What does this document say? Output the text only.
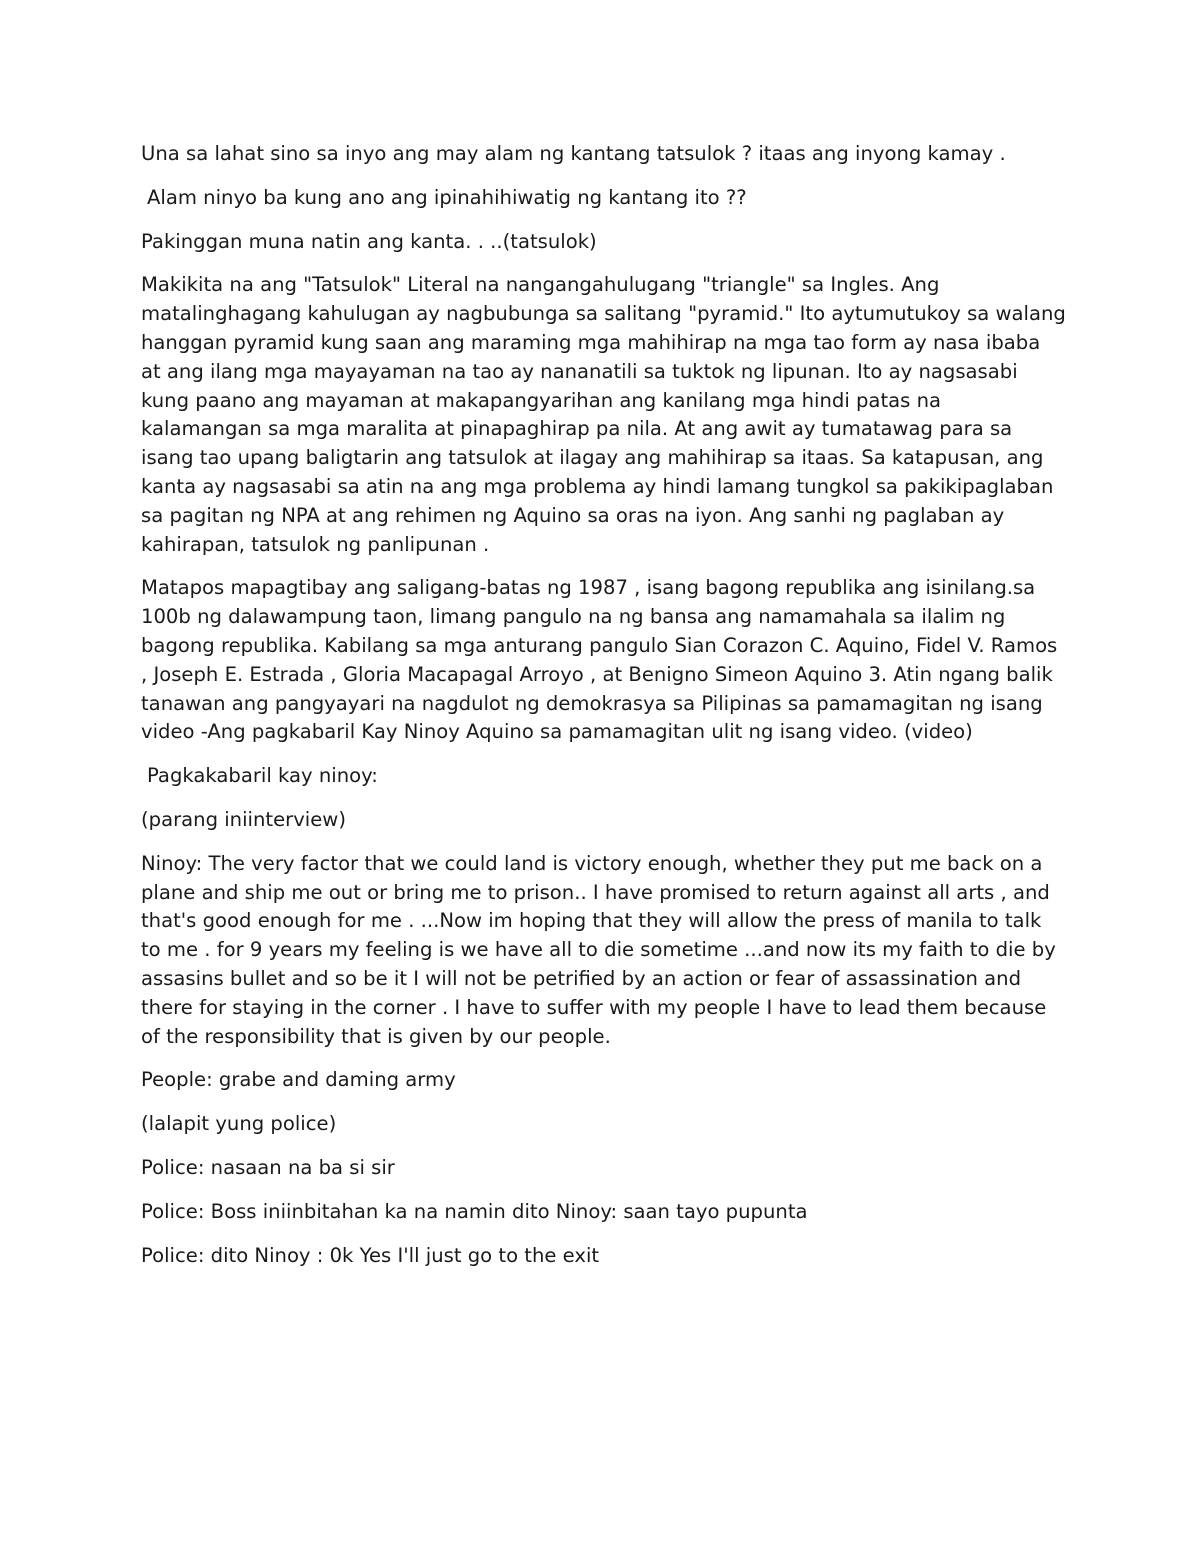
Una sa lahat sino sa inyo ang may alam ng kantang tatsulok ? itaas ang inyong kamay .

Alam ninyo ba kung ano ang ipinahihiwatig ng kantang ito ??

Pakinggan muna natin ang kanta. . ..(tatsulok)

Makikita na ang "Tatsulok" Literal na nangangahulugang "triangle" sa Ingles. Ang matalinghagang kahulugan ay nagbubunga sa salitang "pyramid." Ito aytumutukoy sa walang hanggan pyramid kung saan ang maraming mga mahihirap na mga tao form ay nasa ibaba at ang ilang mga mayayaman na tao ay nananatili sa tuktok ng lipunan. Ito ay nagsasabi kung paano ang mayaman at makapangyarihan ang kanilang mga hindi patas na kalamangan sa mga maralita at pinapaghirap pa nila. At ang awit ay tumatawag para sa isang tao upang baligtarin ang tatsulok at ilagay ang mahihirap sa itaas. Sa katapusan, ang kanta ay nagsasabi sa atin na ang mga problema ay hindi lamang tungkol sa pakikipaglaban sa pagitan ng NPA at ang rehimen ng Aquino sa oras na iyon. Ang sanhi ng paglaban ay kahirapan, tatsulok ng panlipunan .

Matapos mapagtibay ang saligang-batas ng 1987 , isang bagong republika ang isinilang.sa 100b ng dalawampung taon, limang pangulo na ng bansa ang namamahala sa ilalim ng bagong republika. Kabilang sa mga anturang pangulo Sian Corazon C. Aquino, Fidel V. Ramos , Joseph E. Estrada , Gloria Macapagal Arroyo , at Benigno Simeon Aquino 3. Atin ngang balik tanawan ang pangyayari na nagdulot ng demokrasya sa Pilipinas sa pamamagitan ng isang video -Ang pagkabaril Kay Ninoy Aquino sa pamamagitan ulit ng isang video. (video)

Pagkakabaril kay ninoy:

(parang iniinterview)

Ninoy: The very factor that we could land is victory enough, whether they put me back on a plane and ship me out or bring me to prison.. I have promised to return against all arts , and that's good enough for me . ...Now im hoping that they will allow the press of manila to talk to me . for 9 years my feeling is we have all to die sometime ...and now its my faith to die by assasins bullet and so be it I will not be petrified by an action or fear of assassination and there for staying in the corner . I have to suffer with my people I have to lead them because of the responsibility that is given by our people.

People: grabe and daming army

(lalapit yung police)

Police: nasaan na ba si sir

Police: Boss iniinbitahan ka na namin dito Ninoy: saan tayo pupunta

Police: dito Ninoy : 0k Yes I'll just go to the exit
